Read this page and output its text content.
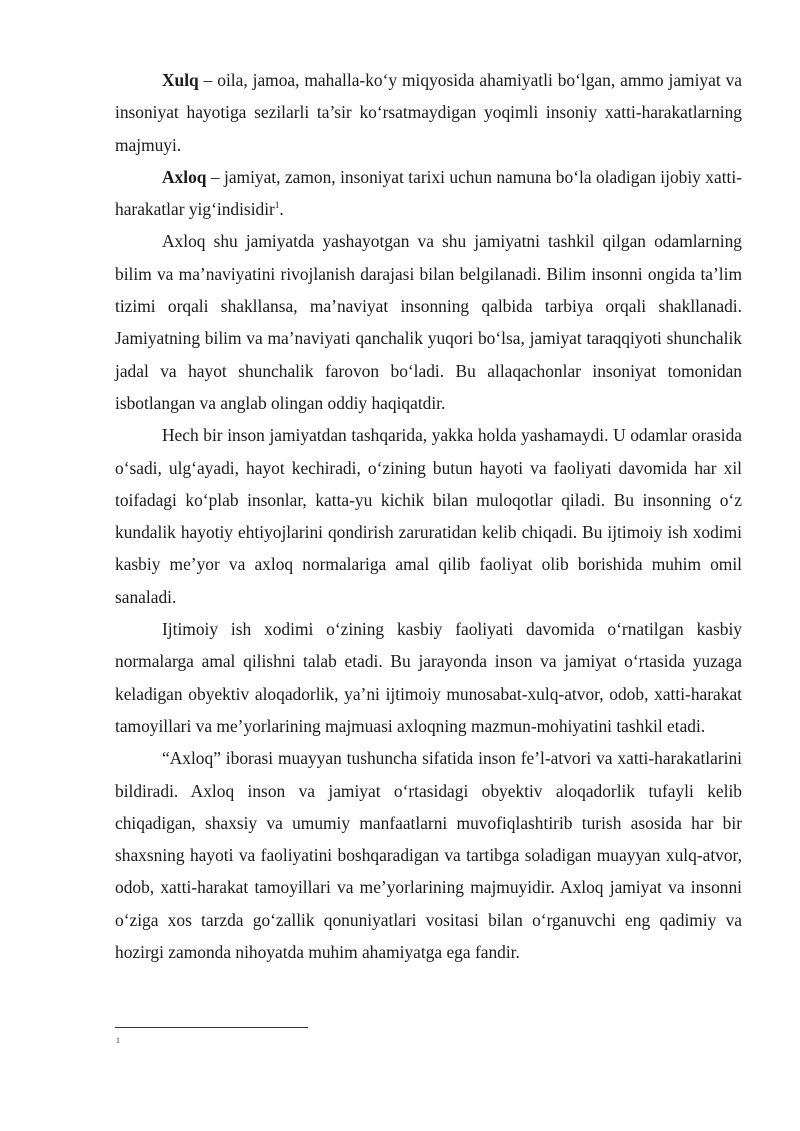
Xulq – oila, jamoa, mahalla-ko‘y miqyosida ahamiyatli bo‘lgan, ammo jamiyat va insoniyat hayotiga sezilarli ta’sir ko‘rsatmaydigan yoqimli insoniy xatti-harakatlarning majmuyi.

Axloq – jamiyat, zamon, insoniyat tarixi uchun namuna bo‘la oladigan ijobiy xatti-harakatlar yig‘indisidir$^1$.

Axloq shu jamiyatda yashayotgan va shu jamiyatni tashkil qilgan odamlarning bilim va ma’naviyatini rivojlanish darajasi bilan belgilanadi. Bilim insonni ongida ta’lim tizimi orqali shakllansa, ma’naviyat insonning qalbida tarbiya orqali shakllanadi. Jamiyatning bilim va ma’naviyati qanchalik yuqori bo‘lsa, jamiyat taraqqiyoti shunchalik jadal va hayot shunchalik farovon bo‘ladi. Bu allaqachonlar insoniyat tomonidan isbotlangan va anglab olingan oddiy haqiqatdir.

Hech bir inson jamiyatdan tashqarida, yakka holda yashamaydi. U odamlar orasida o‘sadi, ulg‘ayadi, hayot kechiradi, o‘zining butun hayoti va faoliyati davomida har xil toifadagi ko‘plab insonlar, katta-yu kichik bilan muloqotlar qiladi. Bu insonning o‘z kundalik hayotiy ehtiyojlarini qondirish zaruratidan kelib chiqadi. Bu ijtimoiy ish xodimi kasbiy me’yor va axloq normalariga amal qilib faoliyat olib borishida muhim omil sanaladi.

Ijtimoiy ish xodimi o‘zining kasbiy faoliyati davomida o‘rnatilgan kasbiy normalarga amal qilishni talab etadi. Bu jarayonda inson va jamiyat o‘rtasida yuzaga keladigan obyektiv aloqadorlik, ya’ni ijtimoiy munosabat-xulq-atvor, odob, xatti-harakat tamoyillari va me’yorlarining majmuasi axloqning mazmun-mohiyatini tashkil etadi.

“Axloq” iborasi muayyan tushuncha sifatida inson fe’l-atvori va xatti-harakatlarini bildiradi. Axloq inson va jamiyat o‘rtasidagi obyektiv aloqadorlik tufayli kelib chiqadigan, shaxsiy va umumiy manfaatlarni muvofiqlashtirib turish asosida har bir shaxsning hayoti va faoliyatini boshqaradigan va tartibga soladigan muayyan xulq-atvor, odob, xatti-harakat tamoyillari va me’yorlarining majmuyidir. Axloq jamiyat va insonni o‘ziga xos tarzda go‘zallik qonuniyatlari vositasi bilan o‘rganuvchi eng qadimiy va hozirgi zamonda nihoyatda muhim ahamiyatga ega fandir.

1
